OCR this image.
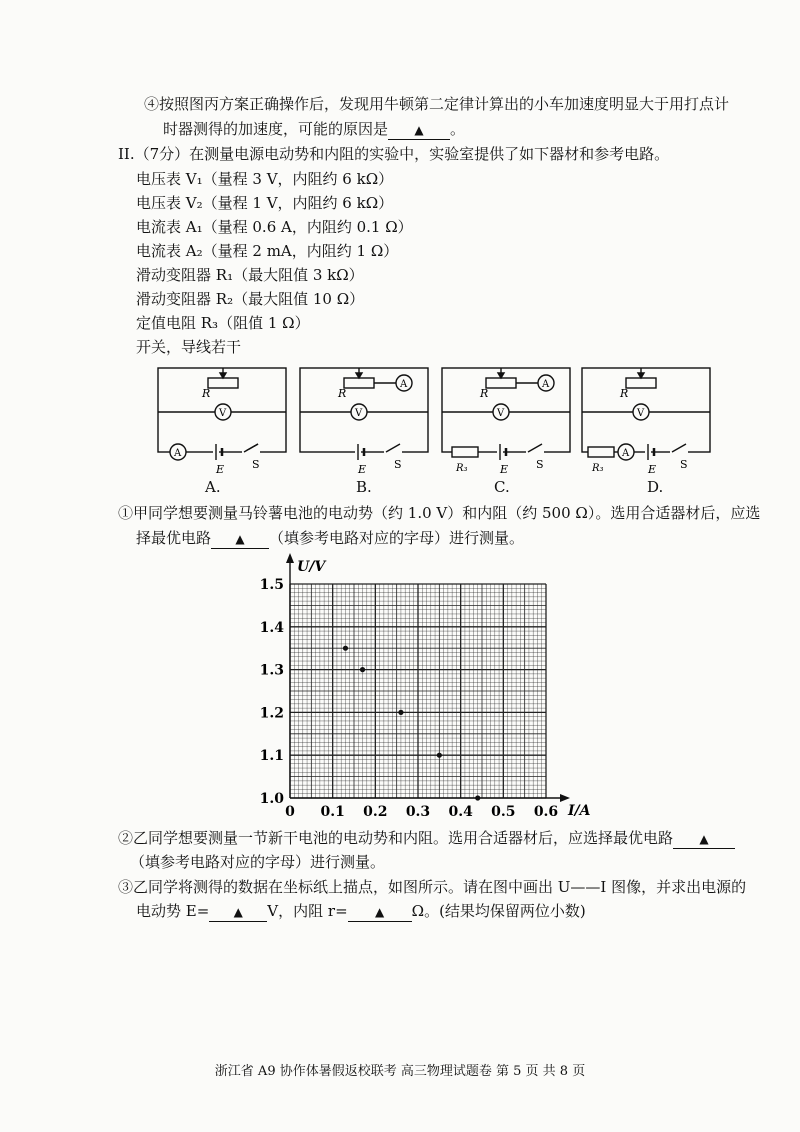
④按照图丙方案正确操作后，发现用牛顿第二定律计算出的小车加速度明显大于用打点计
时器测得的加速度，可能的原因是 ▲ 。
II.（7分）在测量电源电动势和内阻的实验中，实验室提供了如下器材和参考电路。
电压表 V₁（量程 3 V，内阻约 6 kΩ）
电压表 V₂（量程 1 V，内阻约 6 kΩ）
电流表 A₁（量程 0.6 A，内阻约 0.1 Ω）
电流表 A₂（量程 2 mA，内阻约 1 Ω）
滑动变阻器 R₁（最大阻值 3 kΩ）
滑动变阻器 R₂（最大阻值 10 Ω）
定值电阻 R₃（阻值 1 Ω）
开关，导线若干
R
V
A
E	S
R
A
V
E	S
R
A
V
R₃	E	S
R
V
A
R₃	E S
A.	B.	C.	D.
①甲同学想要测量马铃薯电池的电动势（约 1.0 V）和内阻（约 500 Ω）。选用合适器材后，应选
择最优电路 ▲ （填参考电路对应的字母）进行测量。
0 0.1 0.2 0.3 0.4 0.5 0.6
1.0
1.1
1.2
1.3
1.4
1.5
U/V
I/A
②乙同学想要测量一节新干电池的电动势和内阻。选用合适器材后，应选择最优电路 ▲
（填参考电路对应的字母）进行测量。
③乙同学将测得的数据在坐标纸上描点，如图所示。请在图中画出 U——I 图像，并求出电源的
电动势 E= ▲ V，内阻 r= ▲ Ω。(结果均保留两位小数)
浙江省 A9 协作体暑假返校联考 高三物理试题卷 第 5 页 共 8 页
